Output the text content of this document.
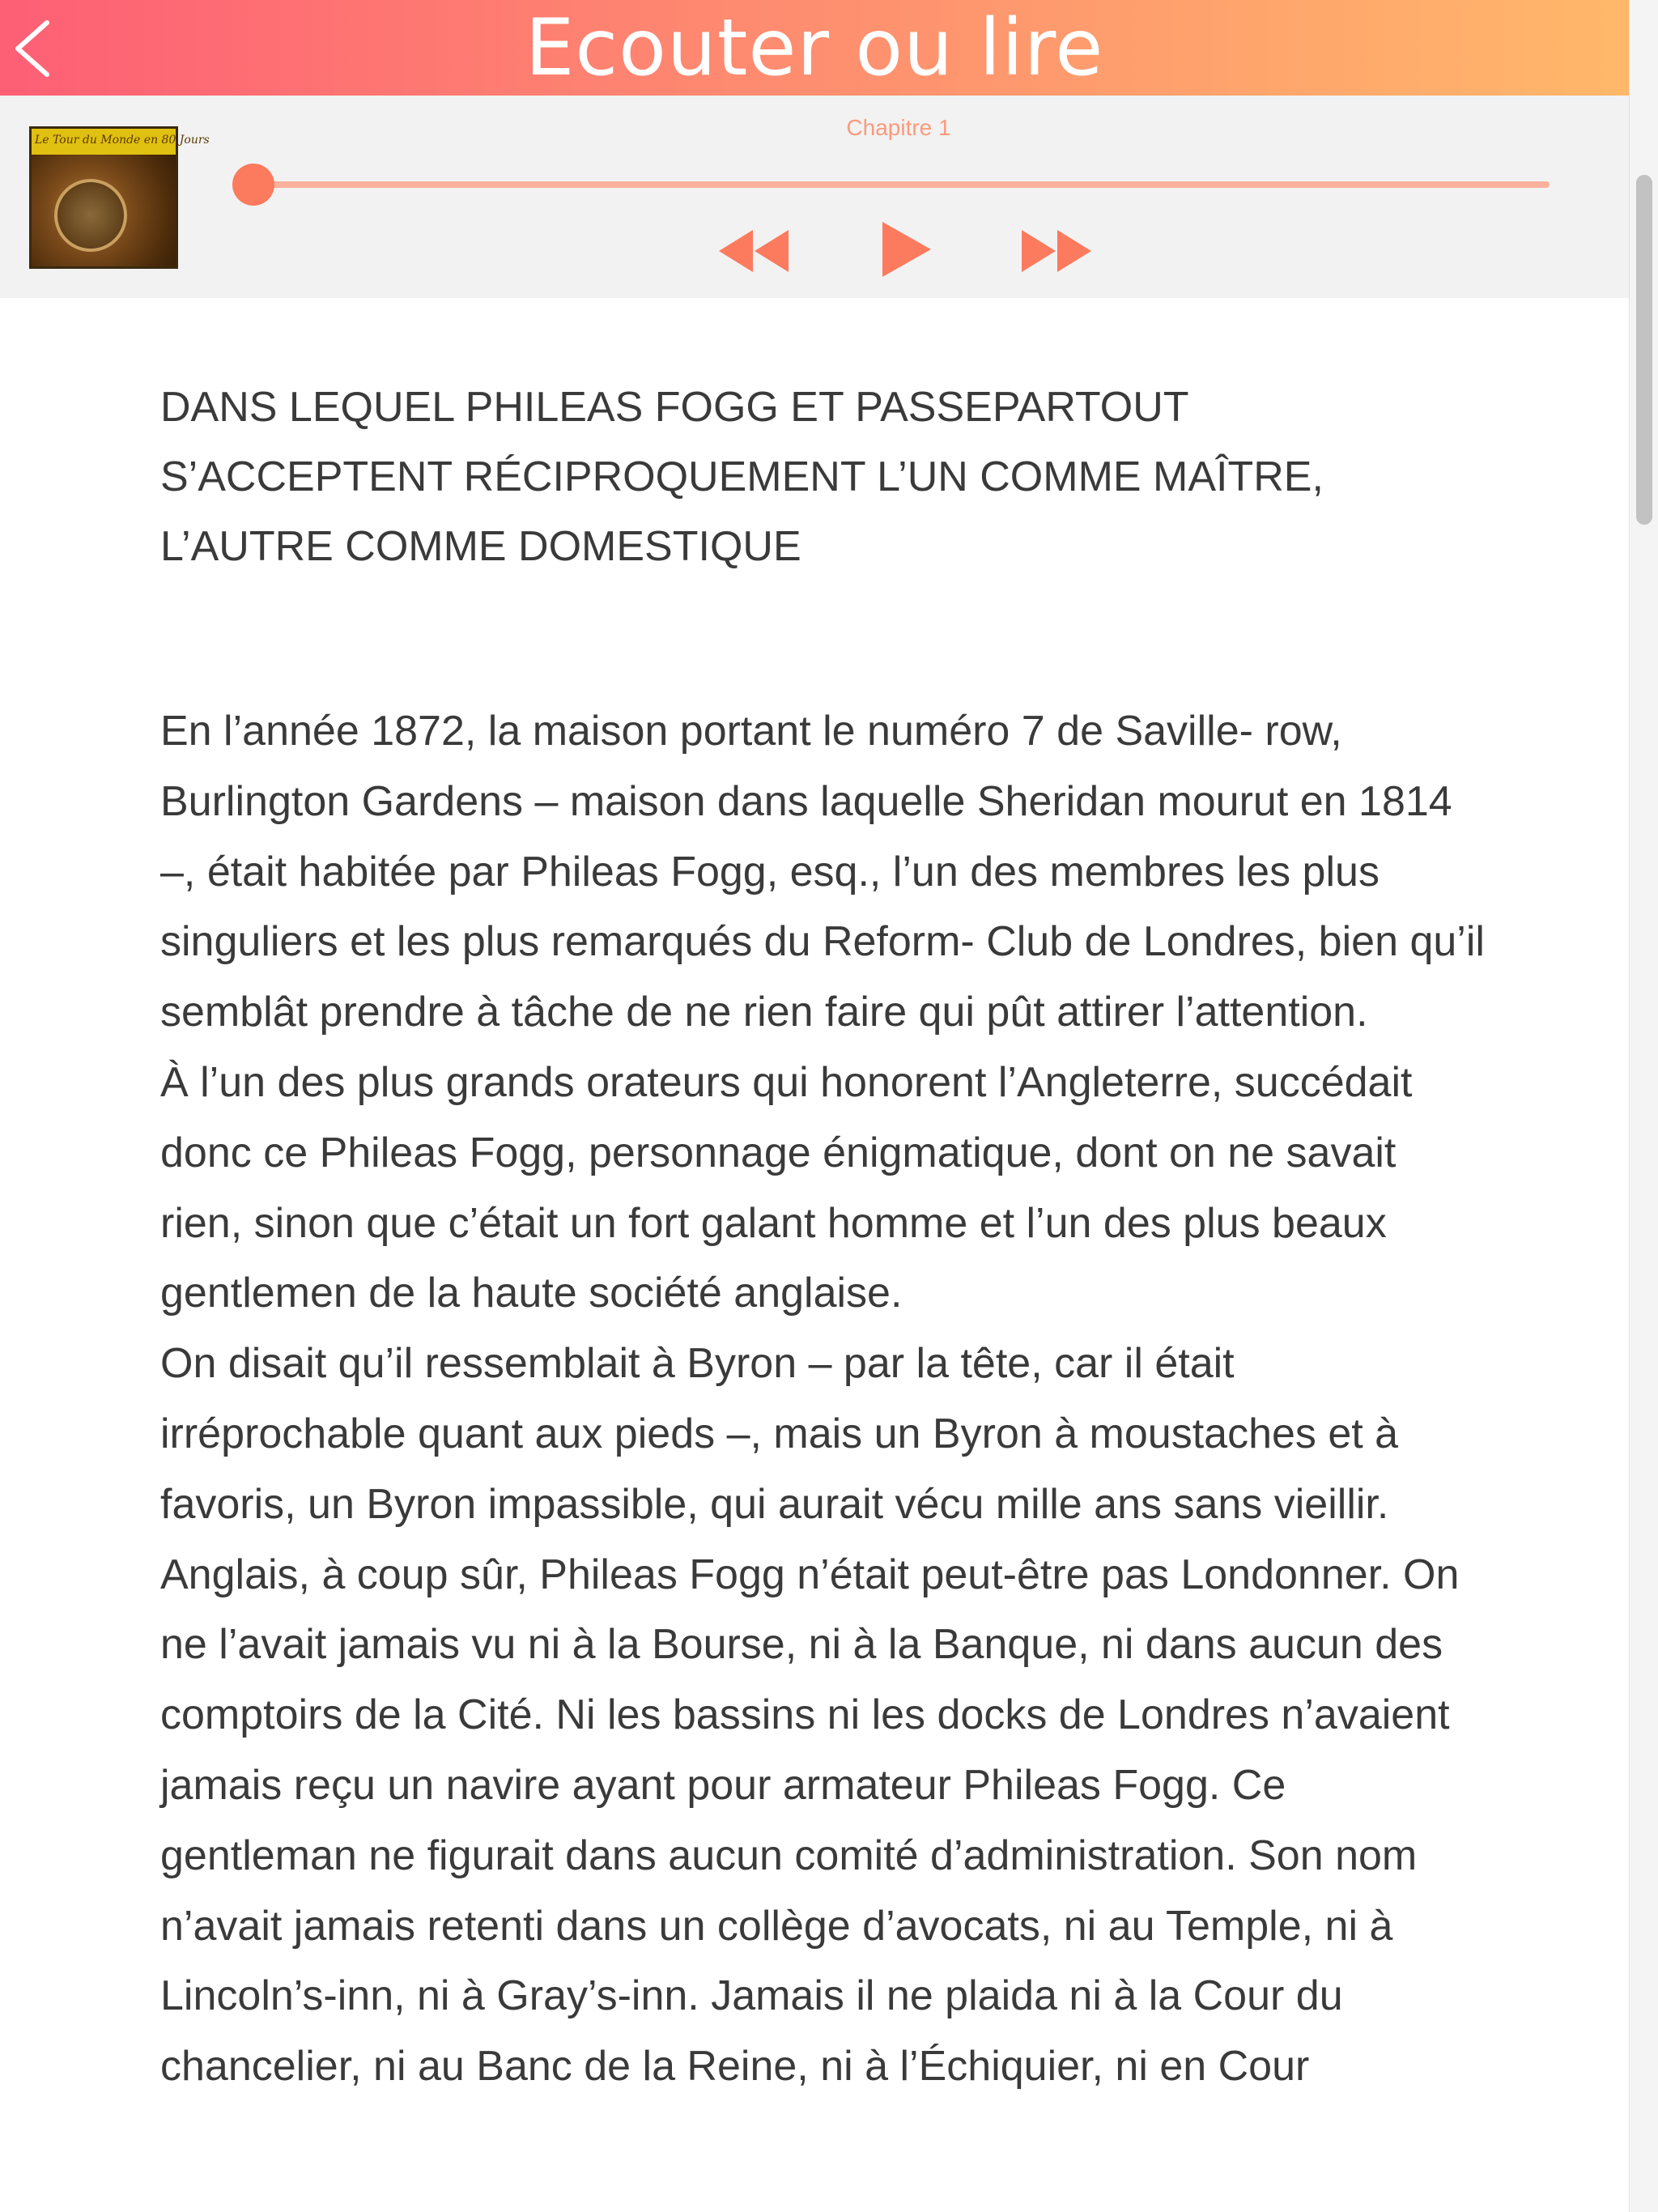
Ecouter ou lire
Le Tour du Monde en 80 Jours	Chapitre 1
DANS LEQUEL PHILEAS FOGG ET PASSEPARTOUT S’ACCEPTENT RÉCIPROQUEMENT L’UN COMME MAÎTRE, L’AUTRE COMME DOMESTIQUE

En l’année 1872, la maison portant le numéro 7 de Saville- row, Burlington Gardens – maison dans laquelle Sheridan mourut en 1814 –, était habitée par Phileas Fogg, esq., l’un des membres les plus singuliers et les plus remarqués du Reform- Club de Londres, bien qu’il semblât prendre à tâche de ne rien faire qui pût attirer l’attention.

À l’un des plus grands orateurs qui honorent l’Angleterre, succédait donc ce Phileas Fogg, personnage énigmatique, dont on ne savait rien, sinon que c’était un fort galant homme et l’un des plus beaux gentlemen de la haute société anglaise.

On disait qu’il ressemblait à Byron – par la tête, car il était irréprochable quant aux pieds –, mais un Byron à moustaches et à favoris, un Byron impassible, qui aurait vécu mille ans sans vieillir.

Anglais, à coup sûr, Phileas Fogg n’était peut-être pas Londonner. On ne l’avait jamais vu ni à la Bourse, ni à la Banque, ni dans aucun des comptoirs de la Cité. Ni les bassins ni les docks de Londres n’avaient jamais reçu un navire ayant pour armateur Phileas Fogg. Ce gentleman ne figurait dans aucun comité d’administration. Son nom n’avait jamais retenti dans un collège d’avocats, ni au Temple, ni à Lincoln’s-inn, ni à Gray’s-inn. Jamais il ne plaida ni à la Cour du chancelier, ni au Banc de la Reine, ni à l’Échiquier, ni en Cour
